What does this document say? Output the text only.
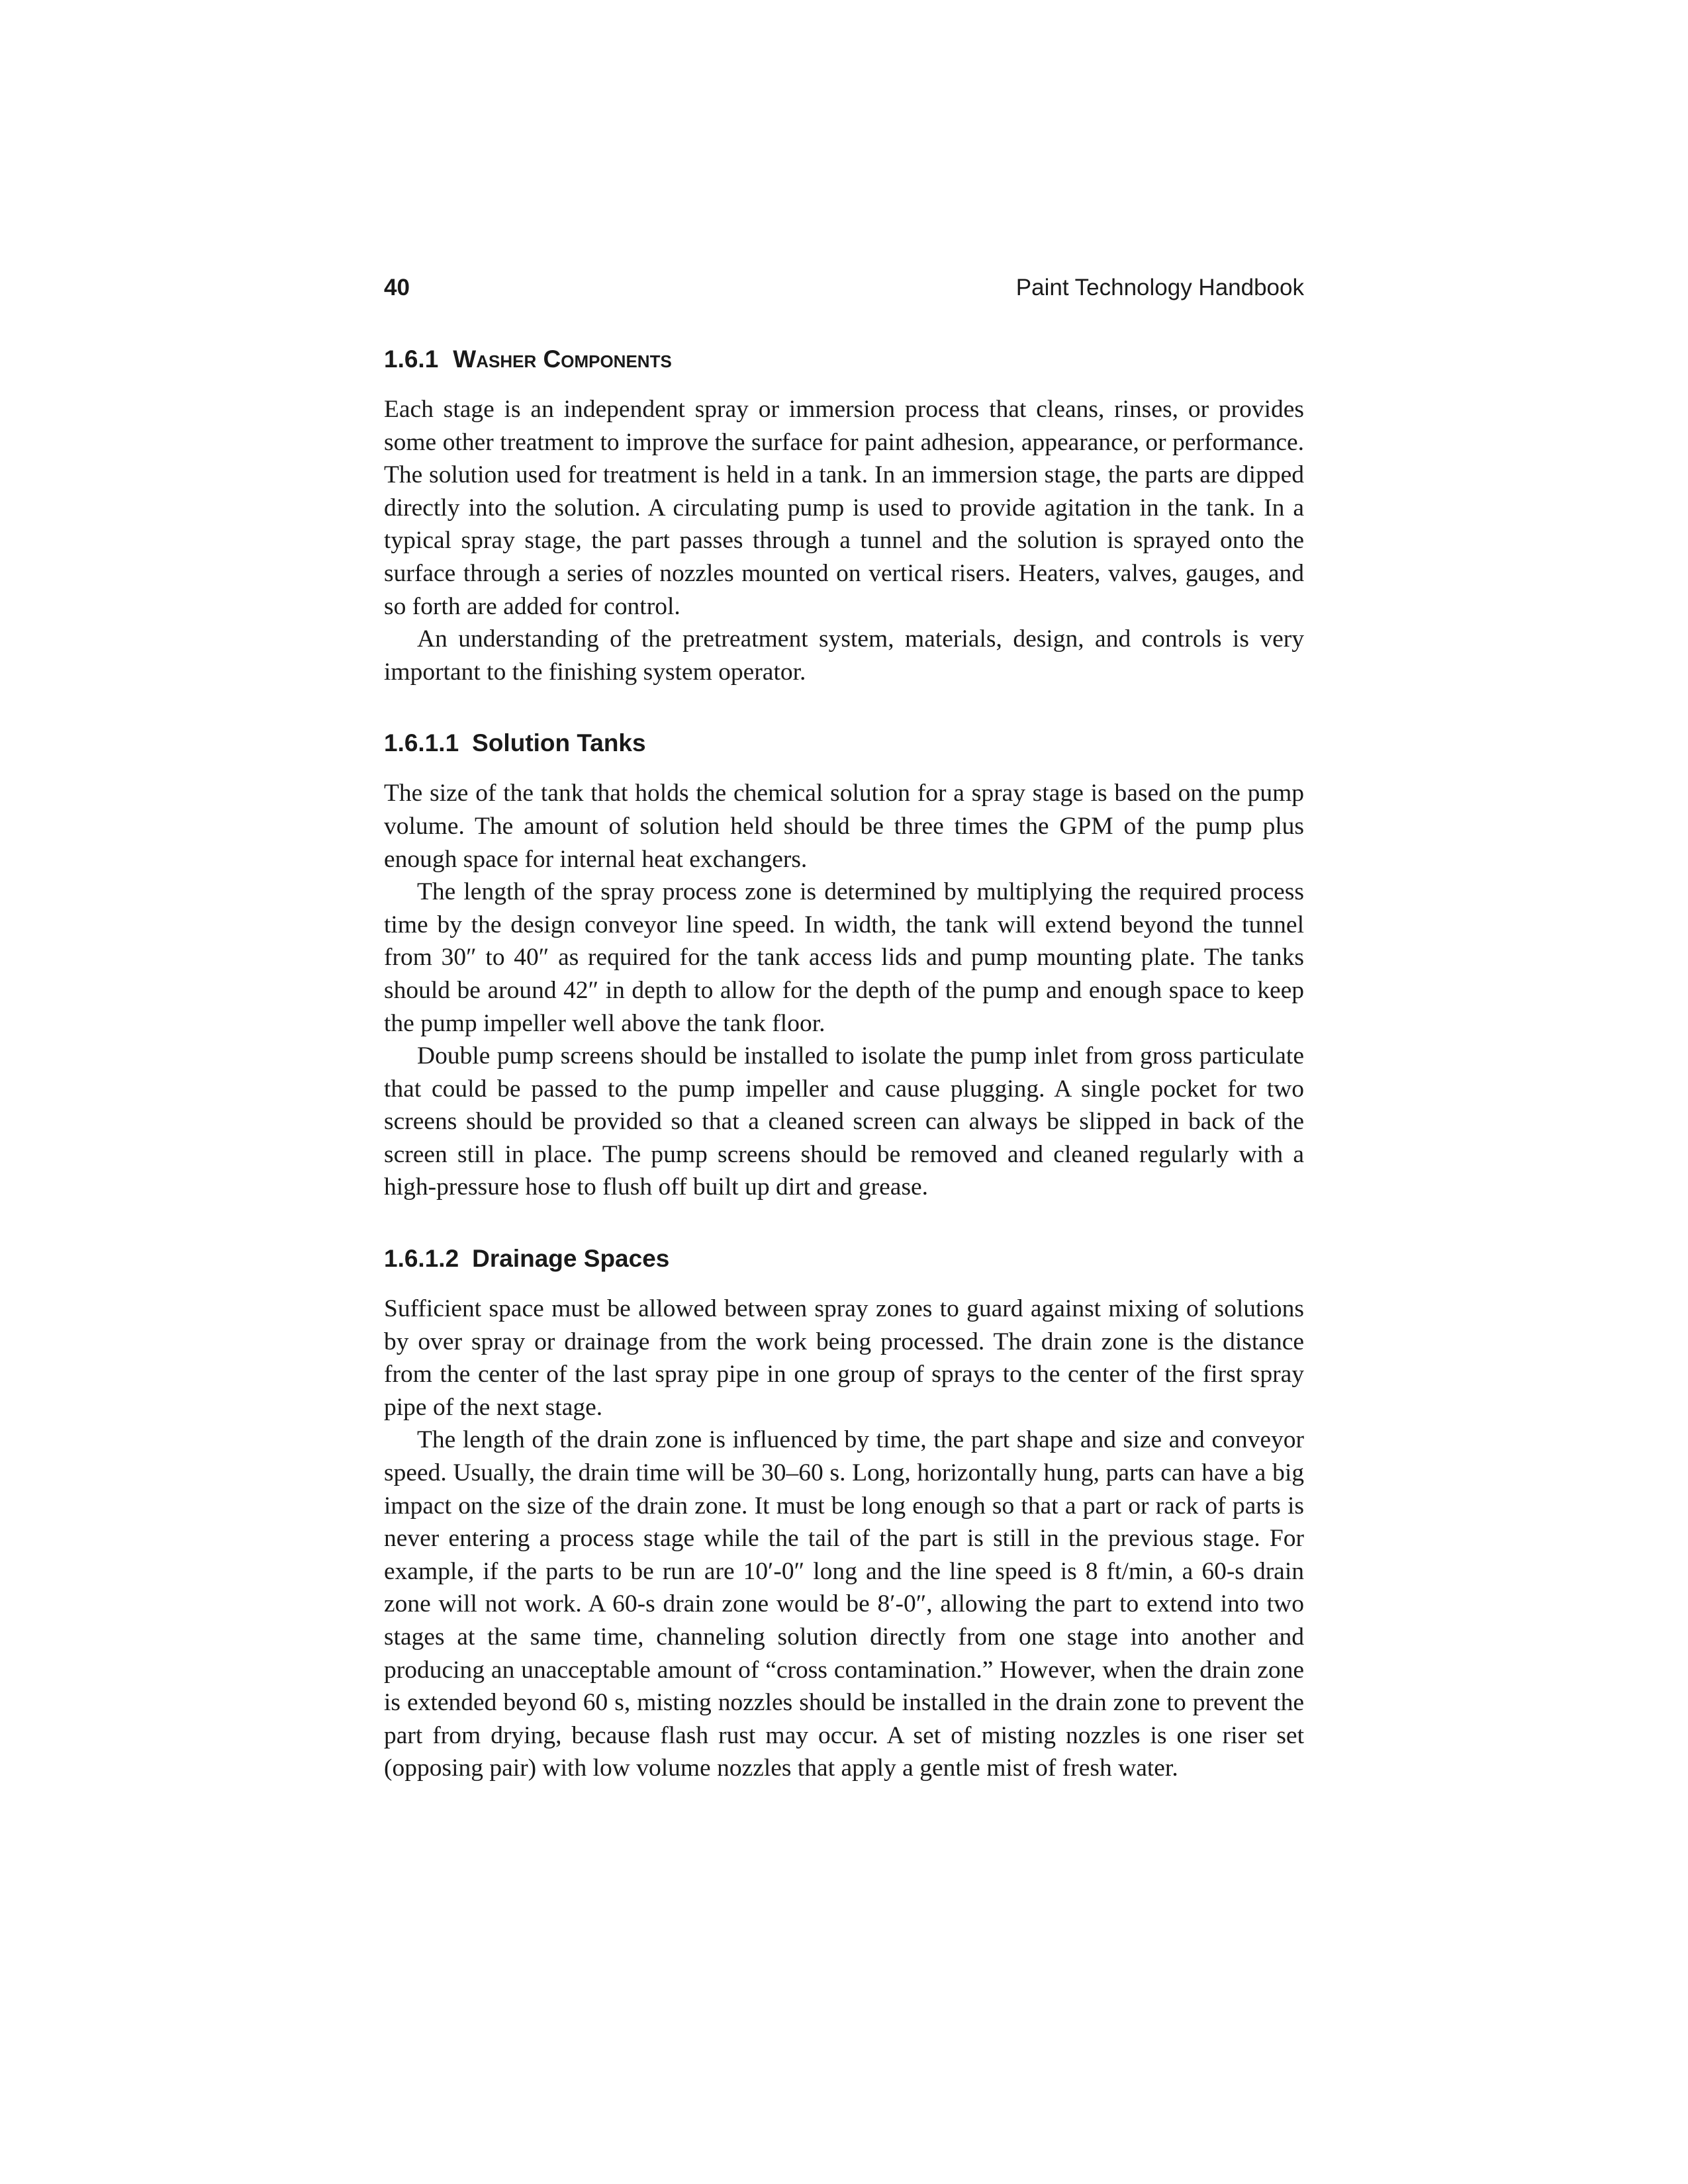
40	Paint Technology Handbook
1.6.1 Washer Components

Each stage is an independent spray or immersion process that cleans, rinses, or provides some other treatment to improve the surface for paint adhesion, appearance, or performance. The solution used for treatment is held in a tank. In an immersion stage, the parts are dipped directly into the solution. A circulating pump is used to provide agitation in the tank. In a typical spray stage, the part passes through a tunnel and the solution is sprayed onto the surface through a series of nozzles mounted on vertical risers. Heaters, valves, gauges, and so forth are added for control.

An understanding of the pretreatment system, materials, design, and controls is very important to the finishing system operator.

1.6.1.1 Solution Tanks

The size of the tank that holds the chemical solution for a spray stage is based on the pump volume. The amount of solution held should be three times the GPM of the pump plus enough space for internal heat exchangers.

The length of the spray process zone is determined by multiplying the required process time by the design conveyor line speed. In width, the tank will extend beyond the tunnel from 30″ to 40″ as required for the tank access lids and pump mounting plate. The tanks should be around 42″ in depth to allow for the depth of the pump and enough space to keep the pump impeller well above the tank floor.

Double pump screens should be installed to isolate the pump inlet from gross particulate that could be passed to the pump impeller and cause plugging. A single pocket for two screens should be provided so that a cleaned screen can always be slipped in back of the screen still in place. The pump screens should be removed and cleaned regularly with a high-pressure hose to flush off built up dirt and grease.

1.6.1.2 Drainage Spaces

Sufficient space must be allowed between spray zones to guard against mixing of solutions by over spray or drainage from the work being processed. The drain zone is the distance from the center of the last spray pipe in one group of sprays to the center of the first spray pipe of the next stage.

The length of the drain zone is influenced by time, the part shape and size and conveyor speed. Usually, the drain time will be 30–60 s. Long, horizontally hung, parts can have a big impact on the size of the drain zone. It must be long enough so that a part or rack of parts is never entering a process stage while the tail of the part is still in the previous stage. For example, if the parts to be run are 10′-0″ long and the line speed is 8 ft/min, a 60-s drain zone will not work. A 60-s drain zone would be 8′-0″, allowing the part to extend into two stages at the same time, channeling solution directly from one stage into another and producing an unacceptable amount of “cross contamination.” However, when the drain zone is extended beyond 60 s, misting nozzles should be installed in the drain zone to prevent the part from drying, because flash rust may occur. A set of misting nozzles is one riser set (opposing pair) with low volume nozzles that apply a gentle mist of fresh water.
